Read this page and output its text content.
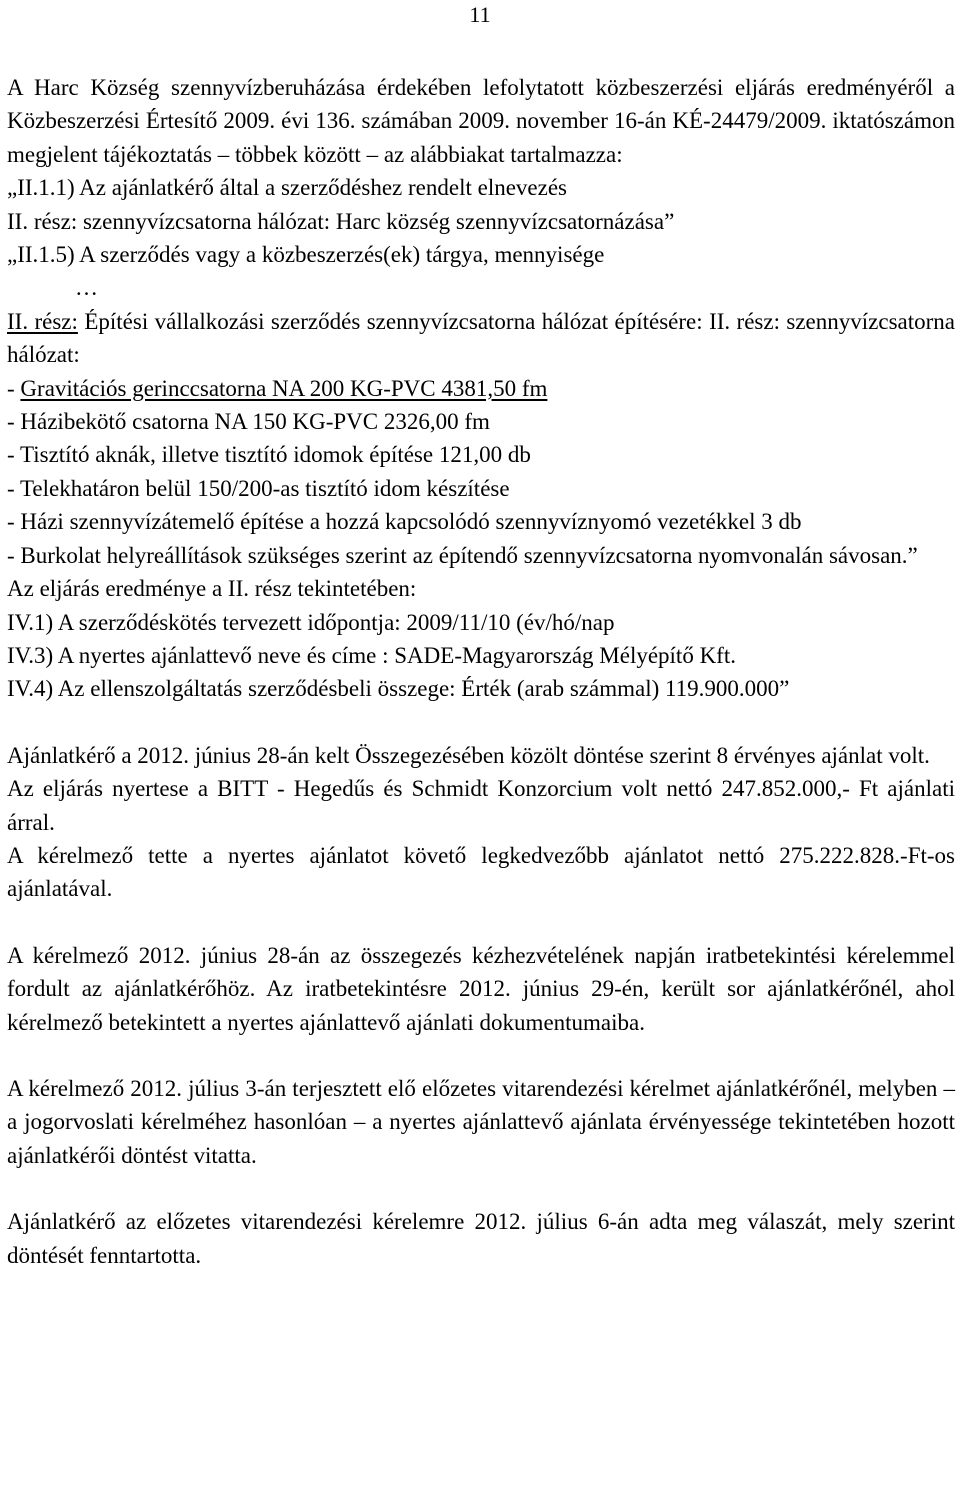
11

A Harc Község szennyvízberuházása érdekében lefolytatott közbeszerzési eljárás eredményéről a Közbeszerzési Értesítő 2009. évi 136. számában 2009. november 16-án KÉ-24479/2009. iktatószámon megjelent tájékoztatás – többek között – az alábbiakat tartalmazza:

„II.1.1) Az ajánlatkérő által a szerződéshez rendelt elnevezés

II. rész: szennyvízcsatorna hálózat: Harc község szennyvízcsatornázása”

„II.1.5) A szerződés vagy a közbeszerzés(ek) tárgya, mennyisége

…

II. rész: Építési vállalkozási szerződés szennyvízcsatorna hálózat építésére: II. rész: szennyvízcsatorna hálózat:

- Gravitációs gerinccsatorna NA 200 KG-PVC 4381,50 fm

- Házibekötő csatorna NA 150 KG-PVC 2326,00 fm

- Tisztító aknák, illetve tisztító idomok építése 121,00 db

- Telekhatáron belül 150/200-as tisztító idom készítése

- Házi szennyvízátemelő építése a hozzá kapcsolódó szennyvíznyomó vezetékkel 3 db

- Burkolat helyreállítások szükséges szerint az építendő szennyvízcsatorna nyomvonalán sávosan.”

Az eljárás eredménye a II. rész tekintetében:

IV.1) A szerződéskötés tervezett időpontja: 2009/11/10 (év/hó/nap

IV.3) A nyertes ajánlattevő neve és címe : SADE-Magyarország Mélyépítő Kft.

IV.4) Az ellenszolgáltatás szerződésbeli összege: Érték (arab számmal) 119.900.000”

Ajánlatkérő a 2012. június 28-án kelt Összegezésében közölt döntése szerint 8 érvényes ajánlat volt.

Az eljárás nyertese a BITT - Hegedűs és Schmidt Konzorcium volt nettó 247.852.000,- Ft ajánlati árral.

A kérelmező tette a nyertes ajánlatot követő legkedvezőbb ajánlatot nettó 275.222.828.-Ft-os ajánlatával.

A kérelmező 2012. június 28-án az összegezés kézhezvételének napján iratbetekintési kérelemmel fordult az ajánlatkérőhöz. Az iratbetekintésre 2012. június 29-én, került sor ajánlatkérőnél, ahol kérelmező betekintett a nyertes ajánlattevő ajánlati dokumentumaiba.

A kérelmező 2012. július 3-án terjesztett elő előzetes vitarendezési kérelmet ajánlatkérőnél, melyben – a jogorvoslati kérelméhez hasonlóan – a nyertes ajánlattevő ajánlata érvényessége tekintetében hozott ajánlatkérői döntést vitatta.

Ajánlatkérő az előzetes vitarendezési kérelemre 2012. július 6-án adta meg válaszát, mely szerint döntését fenntartotta.
